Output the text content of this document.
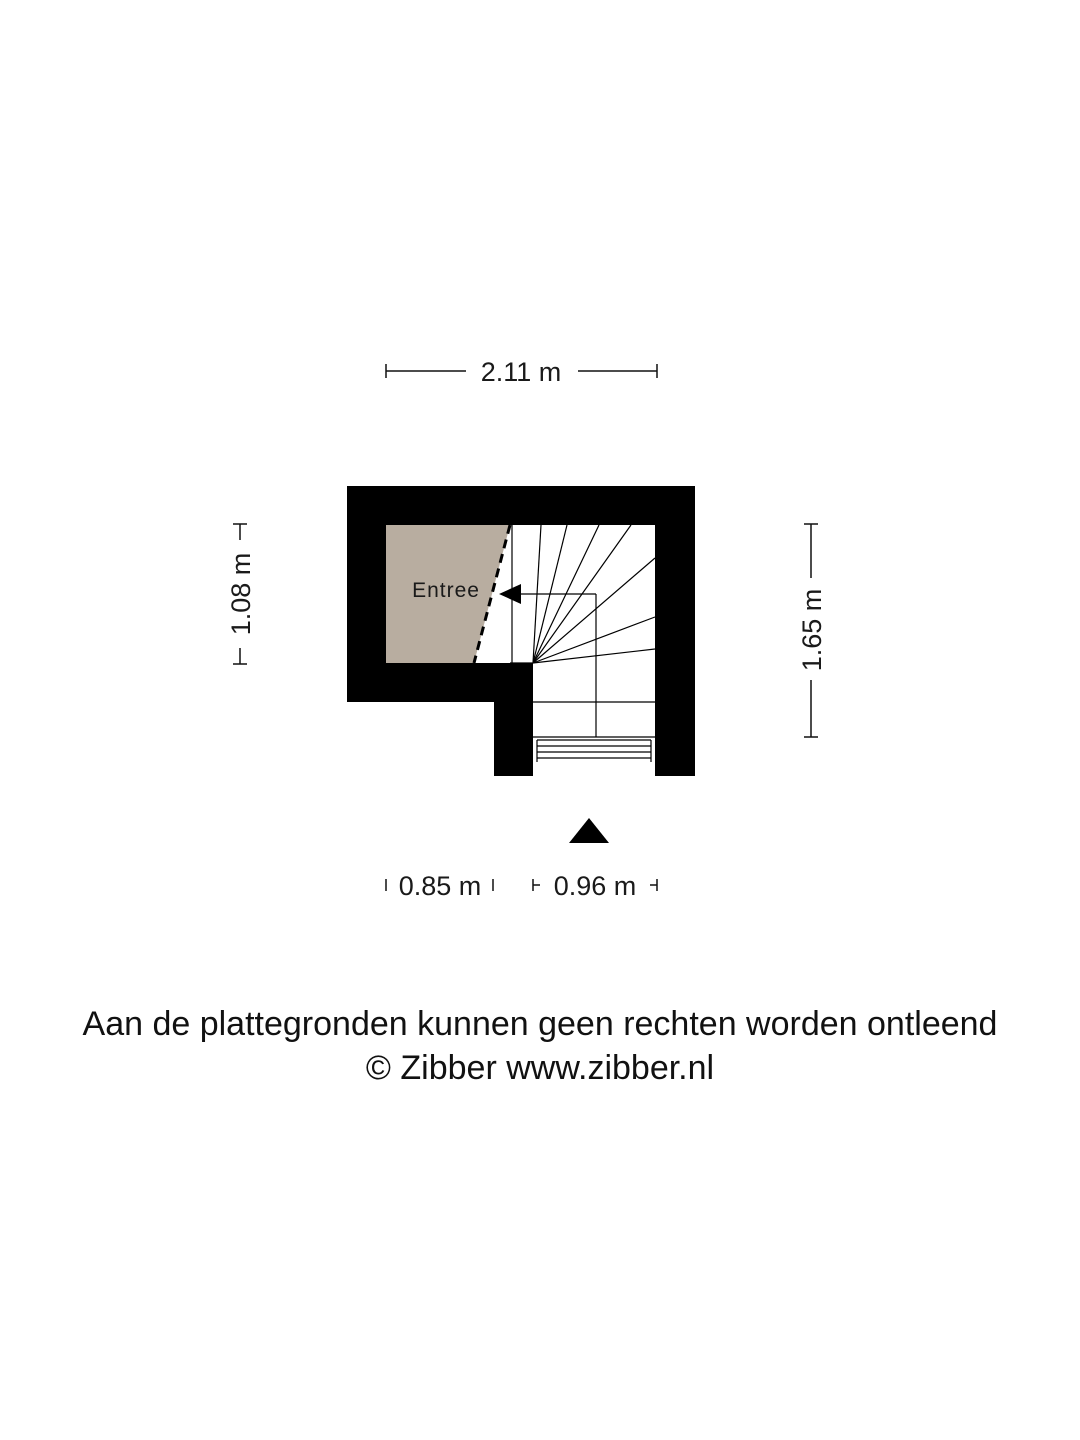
2.11 m
1.08 m	1.65 m
Entree
0.85 m	0.96 m
Aan de plattegronden kunnen geen rechten worden ontleend
© Zibber www.zibber.nl
